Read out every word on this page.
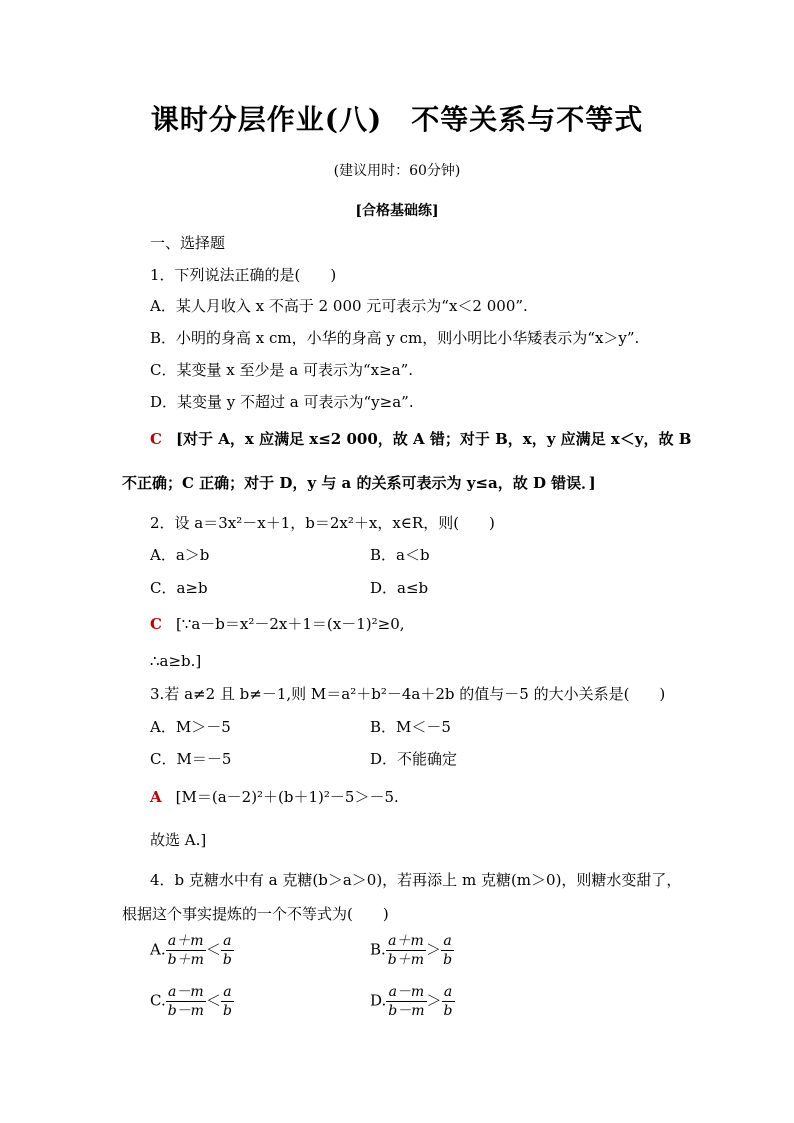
课时分层作业(八)　不等关系与不等式
(建议用时：60分钟)
[合格基础练]
一、选择题
1．下列说法正确的是(　　)
A．某人月收入 x 不高于 2 000 元可表示为“x＜2 000”.
B．小明的身高 x cm，小华的身高 y cm，则小明比小华矮表示为“x＞y”.
C．某变量 x 至少是 a 可表示为“x≥a”.
D．某变量 y 不超过 a 可表示为“y≥a”.
C [对于 A，x 应满足 x≤2 000，故 A 错；对于 B，x，y 应满足 x＜y，故 B
不正确；C 正确；对于 D，y 与 a 的关系可表示为 y≤a，故 D 错误．]
2．设 a＝3x²－x＋1，b＝2x²＋x，x∈R，则(　　)
A．a＞b	B．a＜b
C．a≥b	D．a≤b
C [∵a－b＝x²－2x＋1＝(x－1)²≥0,
∴a≥b.]
3.若 a≠2 且 b≠－1,则 M＝a²＋b²－4a＋2b 的值与－5 的大小关系是(　　)
A．M＞－5	B．M＜－5
C．M＝－5	D．不能确定
A [M＝(a－2)²＋(b＋1)²－5＞－5.
故选 A.]
4．b 克糖水中有 a 克糖(b＞a＞0)，若再添上 m 克糖(m＞0)，则糖水变甜了，
根据这个事实提炼的一个不等式为(　　)
A. $\frac{a+m}{b+m} < \frac{a}{b}$	B. $\frac{a+m}{b+m} > \frac{a}{b}$
C. $\frac{a-m}{b-m} < \frac{a}{b}$	D. $\frac{a-m}{b-m} > \frac{a}{b}$
